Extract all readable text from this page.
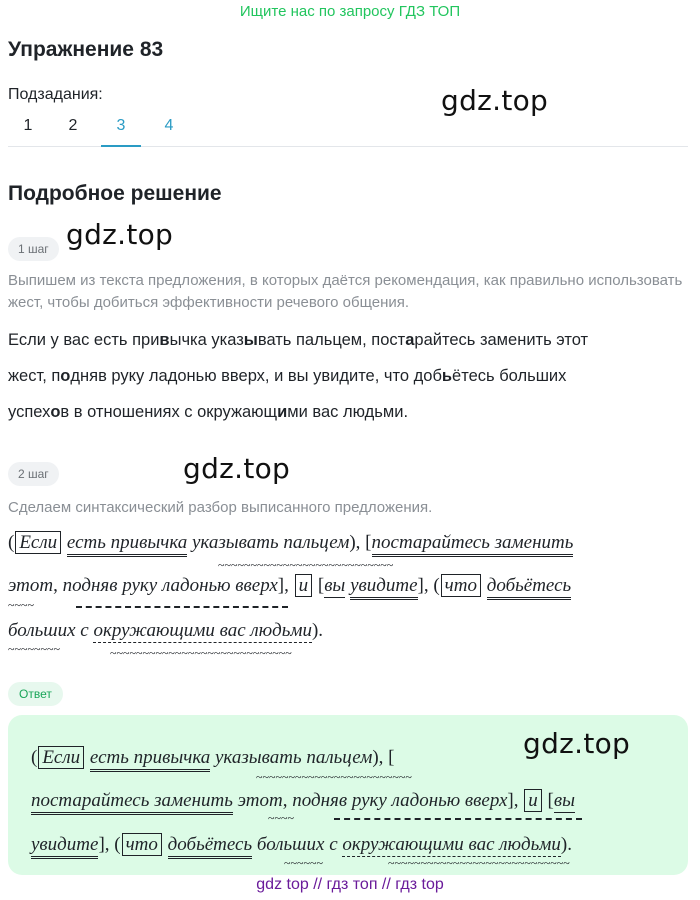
Ищите нас по запросу ГДЗ ТОП
Упражнение 83
Подзадания:	gdz.top
1	2	3	4
Подробное решение
1 шаг gdz.top
Выпишем из текста предложения, в которых даётся рекомендация, как правильно использовать жест, чтобы добиться эффективности речевого общения.
Если у вас есть привычка указывать пальцем, постарайтесь заменить этот
жест, подняв руку ладонью вверх, и вы увидите, что добьётесь больших
успехов в отношениях с окружающими вас людьми.
2 шаг	gdz.top
Сделаем синтаксический разбор выписанного предложения.
( Если есть привычка указывать пальцем), [постарайтесь заменить
~~~~~~~~~~~~~~~~~~~~~~~~~~~
этот, подняв руку ладонью вверх], и [вы увидите], ( что добьётесь
~~~~
больших с окружающими вас людьми).
~~~~~~~~	~~~~~~~~~~~~~~~~~~~~~~~~~~~~
Ответ
gdz.top
( Если есть привычка указывать пальцем), [
~~~~~~~~~~~~~~~~~~~~~~~~
постарайтесь заменить этот, подняв руку ладонью вверх], и [вы
~~~~
увидите], ( что добьётесь больших с окружающими вас людьми).
~~~~~~	~~~~~~~~~~~~~~~~~~~~~~~~~~~~
gdz top // гдз топ // гдз top
